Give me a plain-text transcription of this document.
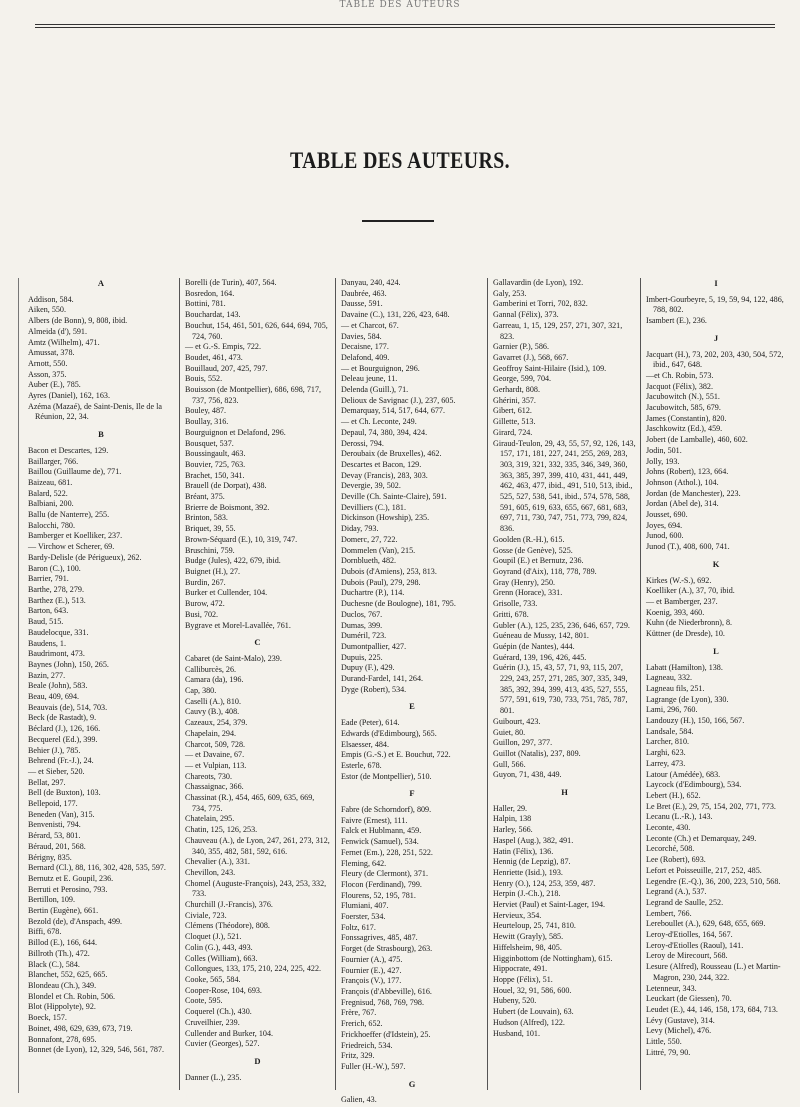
TABLE DES AUTEURS
TABLE DES AUTEURS.

A

Addison, 584.

Aiken, 550.

Albers (de Bonn), 9, 808, ibid.

Almeida (d'), 591.

Amtz (Wilhelm), 471.

Amussat, 378.

Arnott, 550.

Asson, 375.

Auber (E.), 785.

Ayres (Daniel), 162, 163.

Azéma (Mazaé), de Saint-Denis, Ile de la Réunion, 22, 34.

B

Bacon et Descartes, 129.

Baillarger, 766.

Baillou (Guillaume de), 771.

Baizeau, 681.

Balard, 522.

Balbiani, 200.

Ballu (de Nanterre), 255.

Balocchi, 780.

Bamberger et Koelliker, 237.

— Virchow et Scherer, 69.

Bardy-Delisle (de Périgueux), 262.

Baron (C.), 100.

Barrier, 791.

Barthe, 278, 279.

Barthez (E.), 513.

Barton, 643.

Baud, 515.

Baudelocque, 331.

Baudens, 1.

Baudrimont, 473.

Baynes (John), 150, 265.

Bazin, 277.

Beale (John), 583.

Beau, 409, 694.

Beauvais (de), 514, 703.

Beck (de Rastadt), 9.

Béclard (J.), 126, 166.

Becquerel (Ed.), 399.

Behier (J.), 785.

Behrend (Fr.-J.), 24.

— et Sieber, 520.

Bellat, 297.

Bell (de Buxton), 103.

Bellepoid, 177.

Beneden (Van), 315.

Benvenisti, 794.

Bérard, 53, 801.

Béraud, 201, 568.

Bérigny, 835.

Bernard (Cl.), 88, 116, 302, 428, 535, 597.

Bernutz et E. Goupil, 236.

Berruti et Perosino, 793.

Bertillon, 109.

Bertin (Eugène), 661.

Bezold (de), d'Anspach, 499.

Biffi, 678.

Billod (E.), 166, 644.

Billroth (Th.), 472.

Black (C.), 584.

Blanchet, 552, 625, 665.

Blondeau (Ch.), 349.

Blondel et Ch. Robin, 506.

Blot (Hippolyte), 92.

Boeck, 157.

Boinet, 498, 629, 639, 673, 719.

Bonnafont, 278, 695.

Bonnet (de Lyon), 12, 329, 546, 561, 787.

Borelli (de Turin), 407, 564.

Bosredon, 164.

Bottini, 781.

Bouchardat, 143.

Bouchut, 154, 461, 501, 626, 644, 694, 705, 724, 760.

— et G.-S. Empis, 722.

Boudet, 461, 473.

Bouillaud, 207, 425, 797.

Bouis, 552.

Bouisson (de Montpellier), 686, 698, 717, 737, 756, 823.

Bouley, 487.

Boullay, 316.

Bourguignon et Delafond, 296.

Bousquet, 537.

Boussingault, 463.

Bouvier, 725, 763.

Brachet, 150, 341.

Brauell (de Dorpat), 438.

Bréant, 375.

Brierre de Boismont, 392.

Brinton, 583.

Briquet, 39, 55.

Brown-Séquard (E.), 10, 319, 747.

Bruschini, 759.

Budge (Jules), 422, 679, ibid.

Buignet (H.), 27.

Burdin, 267.

Burker et Cullender, 104.

Burow, 472.

Busi, 702.

Bygrave et Morel-Lavallée, 761.

C

Cabaret (de Saint-Malo), 239.

Calliburcès, 26.

Camara (da), 196.

Cap, 380.

Caselli (A.), 810.

Cauvy (B.), 408.

Cazeaux, 254, 379.

Chapelain, 294.

Charcot, 509, 728.

— et Davaine, 67.

— et Vulpian, 113.

Chareots, 730.

Chassaignac, 366.

Chassinat (R.), 454, 465, 609, 635, 669, 734, 775.

Chatelain, 295.

Chatin, 125, 126, 253.

Chauveau (A.), de Lyon, 247, 261, 273, 312, 340, 355, 482, 581, 592, 616.

Chevalier (A.), 331.

Chevillon, 243.

Chomel (Auguste-François), 243, 253, 332, 733.

Churchill (J.-Francis), 376.

Civiale, 723.

Clémens (Théodore), 808.

Cloquet (J.), 521.

Colin (G.), 443, 493.

Colles (William), 663.

Collongues, 133, 175, 210, 224, 225, 422.

Cooke, 565, 584.

Cooper-Rose, 104, 693.

Coote, 595.

Coquerel (Ch.), 430.

Cruveilhier, 239.

Cullender and Burker, 104.

Cuvier (Georges), 527.

D

Danner (L.), 235.

Danyau, 240, 424.

Daubrée, 463.

Dausse, 591.

Davaine (C.), 131, 226, 423, 648.

— et Charcot, 67.

Davies, 584.

Decaisne, 177.

Delafond, 409.

— et Bourguignon, 296.

Deleau jeune, 11.

Delenda (Guill.), 71.

Delioux de Savignac (J.), 237, 605.

Demarquay, 514, 517, 644, 677.

— et Ch. Leconte, 249.

Depaul, 74, 380, 394, 424.

Derossi, 794.

Deroubaix (de Bruxelles), 462.

Descartes et Bacon, 129.

Devay (Francis), 283, 303.

Devergie, 39, 502.

Deville (Ch. Sainte-Claire), 591.

Devilliers (C.), 181.

Dickinson (Howship), 235.

Diday, 793.

Domerc, 27, 722.

Dommelen (Van), 215.

Dornblueth, 482.

Dubois (d'Amiens), 253, 813.

Dubois (Paul), 279, 298.

Duchartre (P.), 114.

Duchesne (de Boulogne), 181, 795.

Duclos, 767.

Dumas, 399.

Duméril, 723.

Dumontpallier, 427.

Dupuis, 225.

Dupuy (F.), 429.

Durand-Fardel, 141, 264.

Dyge (Robert), 534.

E

Eade (Peter), 614.

Edwards (d'Edimbourg), 565.

Elsaesser, 484.

Empis (G.-S.) et E. Bouchut, 722.

Esterle, 678.

Estor (de Montpellier), 510.

F

Fabre (de Schorndorf), 809.

Faivre (Ernest), 111.

Falck et Hublmann, 459.

Fenwick (Samuel), 534.

Fernet (Em.), 228, 251, 522.

Fleming, 642.

Fleury (de Clermont), 371.

Flocon (Ferdinand), 799.

Flourens, 52, 195, 781.

Flumiani, 407.

Foerster, 534.

Foltz, 617.

Fonssagrives, 485, 487.

Forget (de Strasbourg), 263.

Fournier (A.), 475.

Fournier (E.), 427.

François (V.), 177.

François (d'Abbeville), 616.

Fregnisud, 768, 769, 798.

Frère, 767.

Frerich, 652.

Frickhoeffer (d'Idstein), 25.

Friedreich, 534.

Fritz, 329.

Fuller (H.-W.), 597.

G

Galien, 43.

Gallavardin (de Lyon), 192.

Galy, 253.

Gamberini et Torri, 702, 832.

Gannal (Félix), 373.

Garreau, 1, 15, 129, 257, 271, 307, 321, 823.

Garnier (P.), 586.

Gavarret (J.), 568, 667.

Geoffroy Saint-Hilaire (Isid.), 109.

George, 599, 704.

Gerhardt, 808.

Ghérini, 357.

Gibert, 612.

Gillette, 513.

Girard, 724.

Giraud-Teulon, 29, 43, 55, 57, 92, 126, 143, 157, 171, 181, 227, 241, 255, 269, 283, 303, 319, 321, 332, 335, 346, 349, 360, 363, 385, 397, 399, 410, 431, 441, 449, 462, 463, 477, ibid., 491, 510, 513, ibid., 525, 527, 538, 541, ibid., 574, 578, 588, 591, 605, 619, 633, 655, 667, 681, 683, 697, 711, 730, 747, 751, 773, 799, 824, 836.

Goolden (R.-H.), 615.

Gosse (de Genève), 525.

Goupil (E.) et Bernutz, 236.

Goyrand (d'Aix), 118, 778, 789.

Gray (Henry), 250.

Grenn (Horace), 331.

Grisolle, 733.

Gritti, 678.

Gubler (A.), 125, 235, 236, 646, 657, 729.

Guéneau de Mussy, 142, 801.

Guépin (de Nantes), 444.

Guérard, 139, 196, 426, 445.

Guérin (J.), 15, 43, 57, 71, 93, 115, 207, 229, 243, 257, 271, 285, 307, 335, 349, 385, 392, 394, 399, 413, 435, 527, 555, 577, 591, 619, 730, 733, 751, 785, 787, 801.

Guibourt, 423.

Guiet, 80.

Guillon, 297, 377.

Guillot (Natalis), 237, 809.

Gull, 566.

Guyon, 71, 438, 449.

H

Haller, 29.

Halpin, 138

Harley, 566.

Haspel (Aug.), 382, 491.

Hatin (Félix), 136.

Hennig (de Lepzig), 87.

Henriette (Isid.), 193.

Henry (O.), 124, 253, 359, 487.

Herpin (J.-Ch.), 218.

Herviet (Paul) et Saint-Lager, 194.

Hervieux, 354.

Heurteloup, 25, 741, 810.

Hewitt (Grayly), 585.

Hiffelsheim, 98, 405.

Higginbottom (de Nottingham), 615.

Hippocrate, 491.

Hoppe (Félix), 51.

Houel, 32, 91, 586, 600.

Hubeny, 520.

Hubert (de Louvain), 63.

Hudson (Alfred), 122.

Husband, 101.

I

Imbert-Gourbeyre, 5, 19, 59, 94, 122, 486, 788, 802.

Isambert (E.), 236.

J

Jacquart (H.), 73, 202, 203, 430, 504, 572, ibid., 647, 648.

—et Ch. Robin, 573.

Jacquot (Félix), 382.

Jacubowitch (N.), 551.

Jacubowitch, 585, 679.

James (Constantin), 820.

Jaschkowitz (Ed.), 459.

Jobert (de Lamballe), 460, 602.

Jodin, 501.

Jolly, 193.

Johns (Robert), 123, 664.

Johnson (Athol.), 104.

Jordan (de Manchester), 223.

Jordan (Abel de), 314.

Jousset, 690.

Joyes, 694.

Junod, 600.

Junod (T.), 408, 600, 741.

K

Kirkes (W.-S.), 692.

Koelliker (A.), 37, 70, ibid.

— et Bamberger, 237.

Koenig, 393, 460.

Kuhn (de Niederbronn), 8.

Küttner (de Dresde), 10.

L

Labatt (Hamilton), 138.

Lagneau, 332.

Lagneau fils, 251.

Lagrange (de Lyon), 330.

Lami, 296, 760.

Landouzy (H.), 150, 166, 567.

Landsale, 584.

Larcher, 810.

Larghi, 623.

Larrey, 473.

Latour (Amédée), 683.

Laycock (d'Edimbourg), 534.

Lebert (H.), 652.

Le Bret (E.), 29, 75, 154, 202, 771, 773.

Lecanu (L.-R.), 143.

Leconte, 430.

Leconte (Ch.) et Demarquay, 249.

Lecorché, 508.

Lee (Robert), 693.

Lefort et Poisseuille, 217, 252, 485.

Legendre (E.-Q.), 36, 200, 223, 510, 568.

Legrand (A.), 537.

Legrand de Saulle, 252.

Lembert, 766.

Lereboullet (A.), 629, 648, 655, 669.

Leroy-d'Etiolles, 164, 567.

Leroy-d'Etiolles (Raoul), 141.

Leroy de Mirecourt, 568.

Lesure (Alfred), Rousseau (L.) et Martin-Magron, 230, 244, 322.

Letenneur, 343.

Leuckart (de Giessen), 70.

Leudet (E.), 44, 146, 158, 173, 684, 713.

Lévy (Gustave), 314.

Levy (Michel), 476.

Little, 550.

Littré, 79, 90.
